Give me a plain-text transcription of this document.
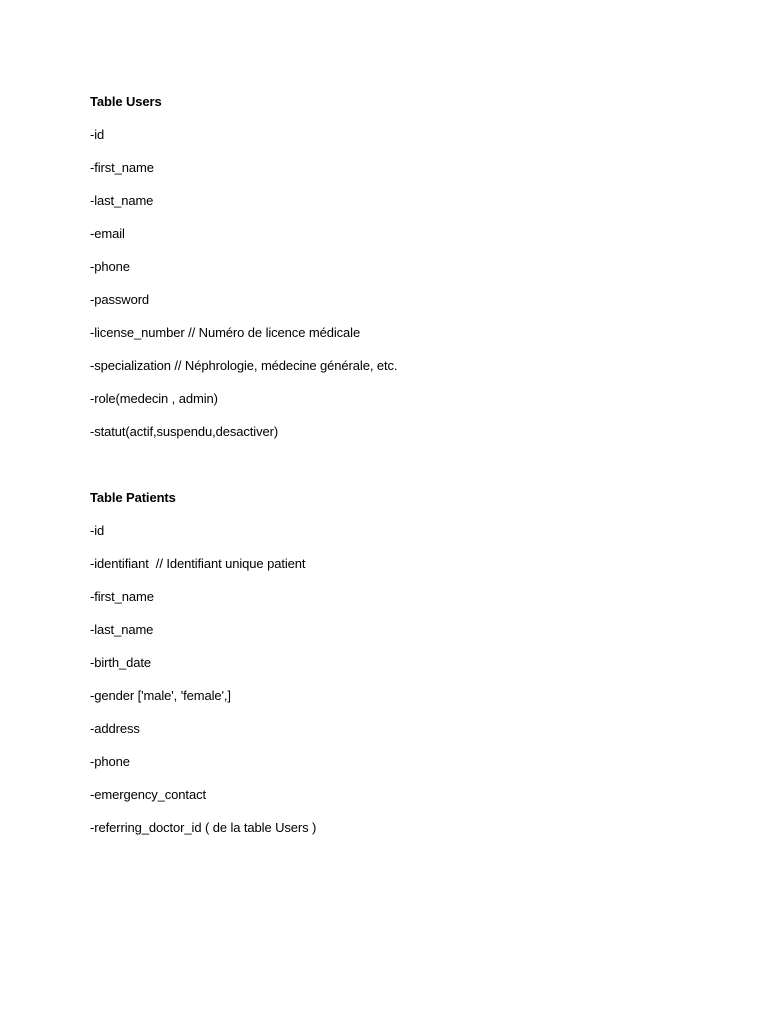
Table Users
-id
-first_name
-last_name
-email
-phone
-password
-license_number // Numéro de licence médicale
-specialization // Néphrologie, médecine générale, etc.
-role(medecin , admin)
-statut(actif,suspendu,desactiver)
Table Patients
-id
-identifiant  // Identifiant unique patient
-first_name
-last_name
-birth_date
-gender ['male', 'female',]
-address
-phone
-emergency_contact
-referring_doctor_id ( de la table Users )
